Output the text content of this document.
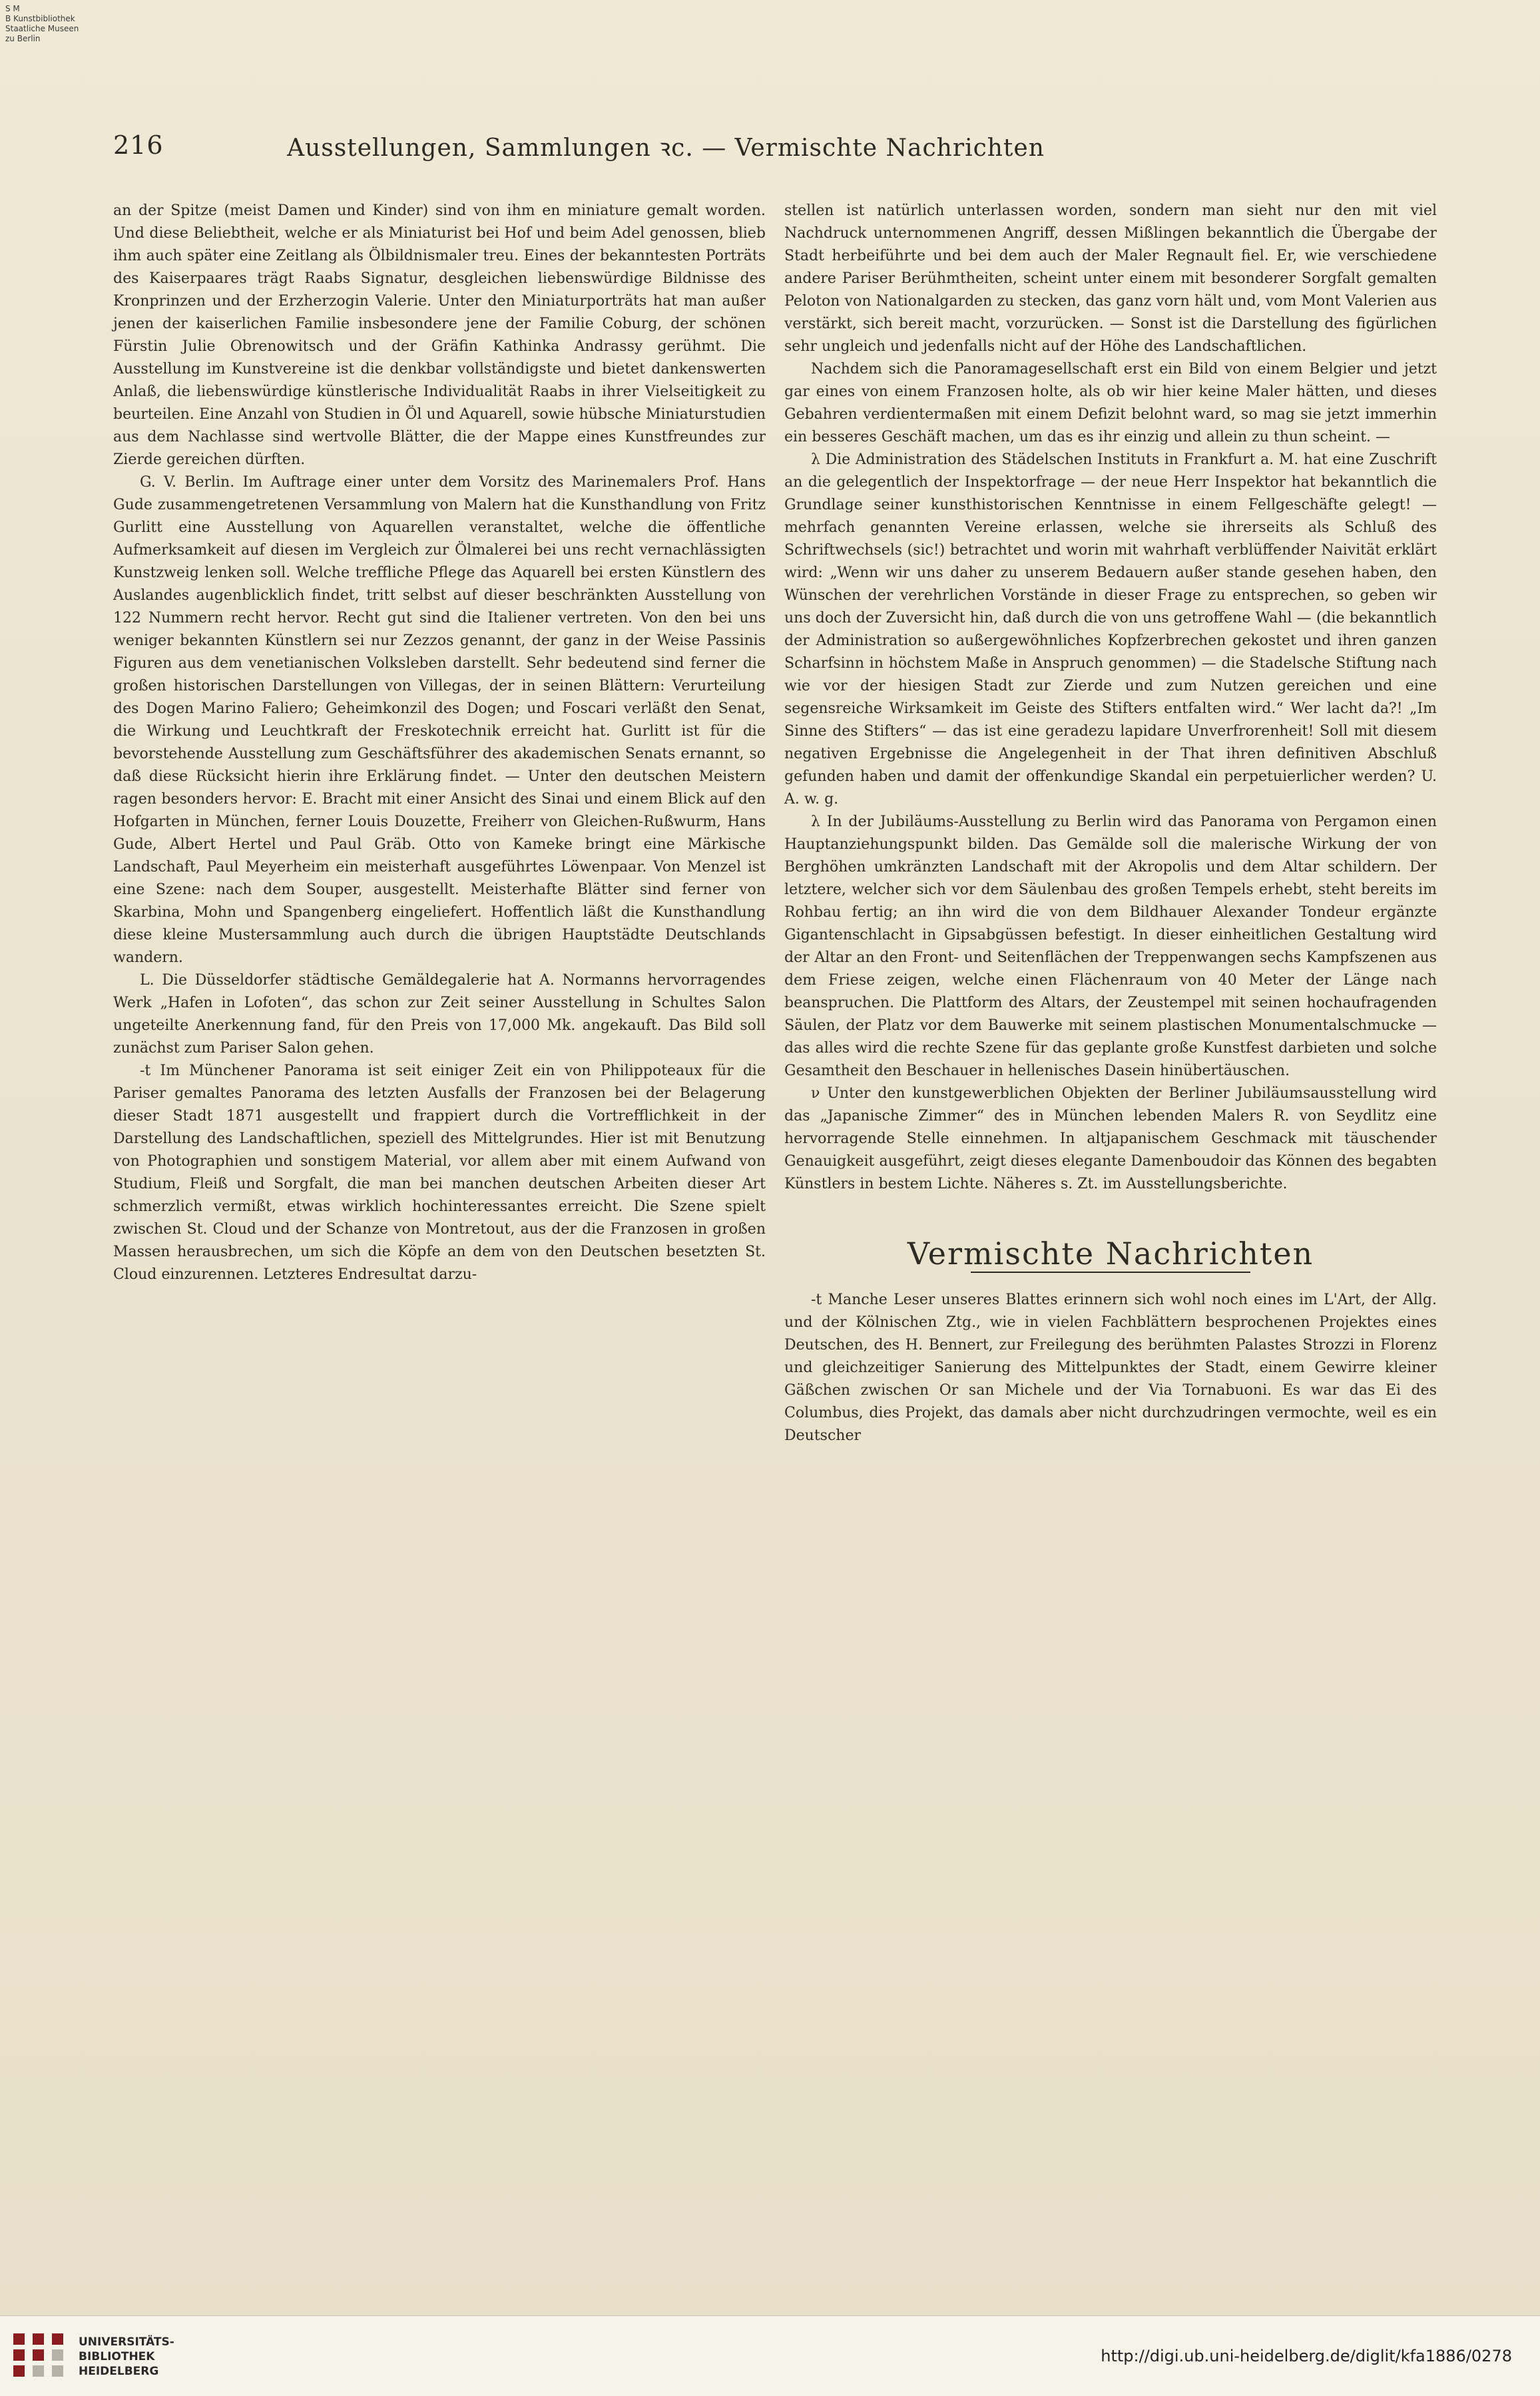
S M
B Kunstbibliothek
Staatliche Museen
zu Berlin
216	Ausstellungen, Sammlungen ꝛc. — Vermischte Nachrichten

an der Spitze (meist Damen und Kinder) sind von ihm en miniature gemalt worden. Und diese Beliebtheit, welche er als Miniaturist bei Hof und beim Adel genossen, blieb ihm auch später eine Zeitlang als Ölbildnismaler treu. Eines der bekanntesten Porträts des Kaiserpaares trägt Raabs Signatur, desgleichen liebenswürdige Bildnisse des Kronprinzen und der Erzherzogin Valerie. Unter den Miniaturporträts hat man außer jenen der kaiserlichen Familie insbesondere jene der Familie Coburg, der schönen Fürstin Julie Obrenowitsch und der Gräfin Kathinka Andrassy gerühmt. Die Ausstellung im Kunstvereine ist die denkbar vollständigste und bietet dankenswerten Anlaß, die liebenswürdige künstlerische Individualität Raabs in ihrer Vielseitigkeit zu beurteilen. Eine Anzahl von Studien in Öl und Aquarell, sowie hübsche Miniaturstudien aus dem Nachlasse sind wertvolle Blätter, die der Mappe eines Kunstfreundes zur Zierde gereichen dürften.

G. V. Berlin. Im Auftrage einer unter dem Vorsitz des Marinemalers Prof. Hans Gude zusammengetretenen Versammlung von Malern hat die Kunsthandlung von Fritz Gurlitt eine Ausstellung von Aquarellen veranstaltet, welche die öffentliche Aufmerksamkeit auf diesen im Vergleich zur Ölmalerei bei uns recht vernachlässigten Kunstzweig lenken soll. Welche treffliche Pflege das Aquarell bei ersten Künstlern des Auslandes augenblicklich findet, tritt selbst auf dieser beschränkten Ausstellung von 122 Nummern recht hervor. Recht gut sind die Italiener vertreten. Von den bei uns weniger bekannten Künstlern sei nur Zezzos genannt, der ganz in der Weise Passinis Figuren aus dem venetianischen Volksleben darstellt. Sehr bedeutend sind ferner die großen historischen Darstellungen von Villegas, der in seinen Blättern: Verurteilung des Dogen Marino Faliero; Geheimkonzil des Dogen; und Foscari verläßt den Senat, die Wirkung und Leuchtkraft der Freskotechnik erreicht hat. Gurlitt ist für die bevorstehende Ausstellung zum Geschäftsführer des akademischen Senats ernannt, so daß diese Rücksicht hierin ihre Erklärung findet. — Unter den deutschen Meistern ragen besonders hervor: E. Bracht mit einer Ansicht des Sinai und einem Blick auf den Hofgarten in München, ferner Louis Douzette, Freiherr von Gleichen-Rußwurm, Hans Gude, Albert Hertel und Paul Gräb. Otto von Kameke bringt eine Märkische Landschaft, Paul Meyerheim ein meisterhaft ausgeführtes Löwenpaar. Von Menzel ist eine Szene: nach dem Souper, ausgestellt. Meisterhafte Blätter sind ferner von Skarbina, Mohn und Spangenberg eingeliefert. Hoffentlich läßt die Kunsthandlung diese kleine Mustersammlung auch durch die übrigen Hauptstädte Deutschlands wandern.

L. Die Düsseldorfer städtische Gemäldegalerie hat A. Normanns hervorragendes Werk „Hafen in Lofoten“, das schon zur Zeit seiner Ausstellung in Schultes Salon ungeteilte Anerkennung fand, für den Preis von 17,000 Mk. angekauft. Das Bild soll zunächst zum Pariser Salon gehen.

-t Im Münchener Panorama ist seit einiger Zeit ein von Philippoteaux für die Pariser gemaltes Panorama des letzten Ausfalls der Franzosen bei der Belagerung dieser Stadt 1871 ausgestellt und frappiert durch die Vortrefflichkeit in der Darstellung des Landschaftlichen, speziell des Mittelgrundes. Hier ist mit Benutzung von Photographien und sonstigem Material, vor allem aber mit einem Aufwand von Studium, Fleiß und Sorgfalt, die man bei manchen deutschen Arbeiten dieser Art schmerzlich vermißt, etwas wirklich hochinteressantes erreicht. Die Szene spielt zwischen St. Cloud und der Schanze von Montretout, aus der die Franzosen in großen Massen herausbrechen, um sich die Köpfe an dem von den Deutschen besetzten St. Cloud einzurennen. Letzteres Endresultat darzu-

stellen ist natürlich unterlassen worden, sondern man sieht nur den mit viel Nachdruck unternommenen Angriff, dessen Mißlingen bekanntlich die Übergabe der Stadt herbeiführte und bei dem auch der Maler Regnault fiel. Er, wie verschiedene andere Pariser Berühmtheiten, scheint unter einem mit besonderer Sorgfalt gemalten Peloton von Nationalgarden zu stecken, das ganz vorn hält und, vom Mont Valerien aus verstärkt, sich bereit macht, vorzurücken. — Sonst ist die Darstellung des figürlichen sehr ungleich und jedenfalls nicht auf der Höhe des Landschaftlichen.

Nachdem sich die Panoramagesellschaft erst ein Bild von einem Belgier und jetzt gar eines von einem Franzosen holte, als ob wir hier keine Maler hätten, und dieses Gebahren verdientermaßen mit einem Defizit belohnt ward, so mag sie jetzt immerhin ein besseres Geschäft machen, um das es ihr einzig und allein zu thun scheint. —

λ Die Administration des Städelschen Instituts in Frankfurt a. M. hat eine Zuschrift an die gelegentlich der Inspektorfrage — der neue Herr Inspektor hat bekanntlich die Grundlage seiner kunsthistorischen Kenntnisse in einem Fellgeschäfte gelegt! — mehrfach genannten Vereine erlassen, welche sie ihrerseits als Schluß des Schriftwechsels (sic!) betrachtet und worin mit wahrhaft verblüffender Naivität erklärt wird: „Wenn wir uns daher zu unserem Bedauern außer stande gesehen haben, den Wünschen der verehrlichen Vorstände in dieser Frage zu entsprechen, so geben wir uns doch der Zuversicht hin, daß durch die von uns getroffene Wahl — (die bekanntlich der Administration so außergewöhnliches Kopfzerbrechen gekostet und ihren ganzen Scharfsinn in höchstem Maße in Anspruch genommen) — die Stadelsche Stiftung nach wie vor der hiesigen Stadt zur Zierde und zum Nutzen gereichen und eine segensreiche Wirksamkeit im Geiste des Stifters entfalten wird.“ Wer lacht da?! „Im Sinne des Stifters“ — das ist eine geradezu lapidare Unverfrorenheit! Soll mit diesem negativen Ergebnisse die Angelegenheit in der That ihren definitiven Abschluß gefunden haben und damit der offenkundige Skandal ein perpetuierlicher werden? U. A. w. g.

λ In der Jubiläums-Ausstellung zu Berlin wird das Panorama von Pergamon einen Hauptanziehungspunkt bilden. Das Gemälde soll die malerische Wirkung der von Berghöhen umkränzten Landschaft mit der Akropolis und dem Altar schildern. Der letztere, welcher sich vor dem Säulenbau des großen Tempels erhebt, steht bereits im Rohbau fertig; an ihn wird die von dem Bildhauer Alexander Tondeur ergänzte Gigantenschlacht in Gipsabgüssen befestigt. In dieser einheitlichen Gestaltung wird der Altar an den Front- und Seitenflächen der Treppenwangen sechs Kampfszenen aus dem Friese zeigen, welche einen Flächenraum von 40 Meter der Länge nach beanspruchen. Die Plattform des Altars, der Zeustempel mit seinen hochaufragenden Säulen, der Platz vor dem Bauwerke mit seinem plastischen Monumentalschmucke — das alles wird die rechte Szene für das geplante große Kunstfest darbieten und solche Gesamtheit den Beschauer in hellenisches Dasein hinübertäuschen.

ν Unter den kunstgewerblichen Objekten der Berliner Jubiläumsausstellung wird das „Japanische Zimmer“ des in München lebenden Malers R. von Seydlitz eine hervorragende Stelle einnehmen. In altjapanischem Geschmack mit täuschender Genauigkeit ausgeführt, zeigt dieses elegante Damenboudoir das Können des begabten Künstlers in bestem Lichte. Näheres s. Zt. im Ausstellungsberichte.

Vermischte Nachrichten

-t Manche Leser unseres Blattes erinnern sich wohl noch eines im L'Art, der Allg. und der Kölnischen Ztg., wie in vielen Fachblättern besprochenen Projektes eines Deutschen, des H. Bennert, zur Freilegung des berühmten Palastes Strozzi in Florenz und gleichzeitiger Sanierung des Mittelpunktes der Stadt, einem Gewirre kleiner Gäßchen zwischen Or san Michele und der Via Tornabuoni. Es war das Ei des Columbus, dies Projekt, das damals aber nicht durchzudringen vermochte, weil es ein Deutscher

UNIVERSITÄTS-
BIBLIOTHEK
HEIDELBERG
http://digi.ub.uni-heidelberg.de/diglit/kfa1886/0278
